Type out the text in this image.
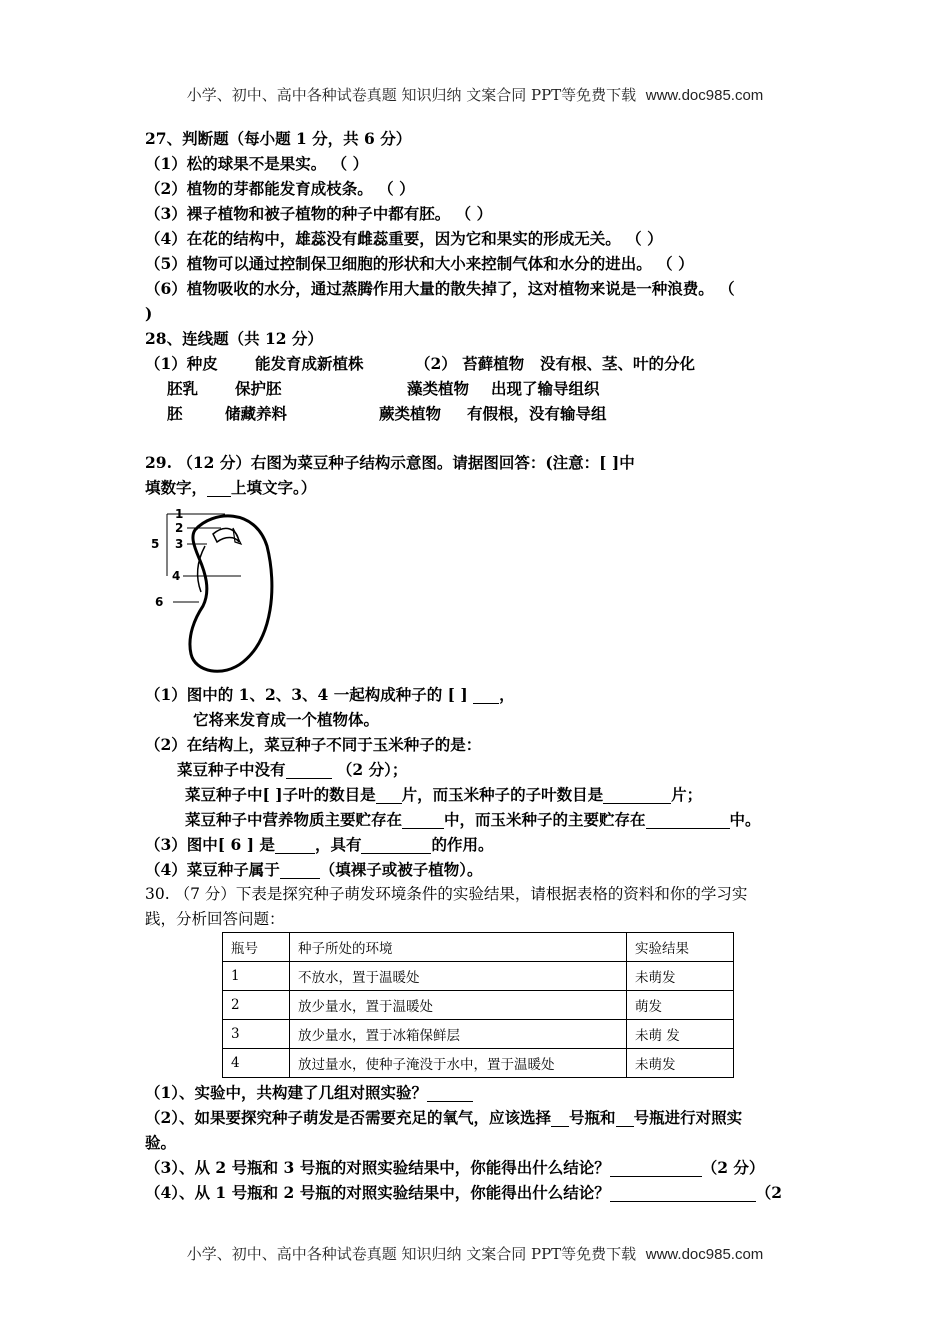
小学、初中、高中各种试卷真题 知识归纳 文案合同 PPT等免费下载 www.doc985.com
27、判断题（每小题 1 分，共 6 分）
（1）松的球果不是果实。 （ ）
（2）植物的芽都能发育成枝条。 （ ）
（3）裸子植物和被子植物的种子中都有胚。 （ ）
（4）在花的结构中，雄蕊没有雌蕊重要，因为它和果实的形成无关。 （ ）
（5）植物可以通过控制保卫细胞的形状和大小来控制气体和水分的进出。 （ ）
（6）植物吸收的水分，通过蒸腾作用大量的散失掉了，这对植物来说是一种浪费。 （
)
28、连线题（共 12 分）
（1）种皮 能发育成新植株	（2） 苔藓植物 没有根、茎、叶的分化
胚乳 保护胚	藻类植物 出现了输导组织
胚	储藏养料	蕨类植物 有假根，没有输导组
29. （12 分）右图为菜豆种子结构示意图。请据图回答：(注意：[ ]中
填数字， 上填文字。）
1
2
3
4
5
6
（1）图中的 1、2、3、4 一起构成种子的 [ ] ，
它将来发育成一个植物体。
（2）在结构上，菜豆种子不同于玉米种子的是：
菜豆种子中没有	（2 分）；
菜豆种子中[ ]子叶的数目是 片，而玉米种子的子叶数目是	片；
菜豆种子中营养物质主要贮存在	中，而玉米种子的主要贮存在	中。
（3）图中[ 6 ] 是	，具有	的作用。
（4）菜豆种子属于	（填裸子或被子植物）。
30. （7 分）下表是探究种子萌发环境条件的实验结果，请根据表格的资料和你的学习实
践，分析回答问题：
瓶号	种子所处的环境	实验结果
1	不放水，置于温暖处	未萌发
2	放少量水，置于温暖处	萌发
3	放少量水，置于冰箱保鲜层	未萌 发
4	放过量水，使种子淹没于水中，置于温暖处	未萌发
（1）、实验中，共构建了几组对照实验？
（2）、如果要探究种子萌发是否需要充足的氧气，应该选择 号瓶和 号瓶进行对照实
验。
（3）、从 2 号瓶和 3 号瓶的对照实验结果中，你能得出什么结论？	（2 分）
（4）、从 1 号瓶和 2 号瓶的对照实验结果中，你能得出什么结论？	（2
小学、初中、高中各种试卷真题 知识归纳 文案合同 PPT等免费下载 www.doc985.com
